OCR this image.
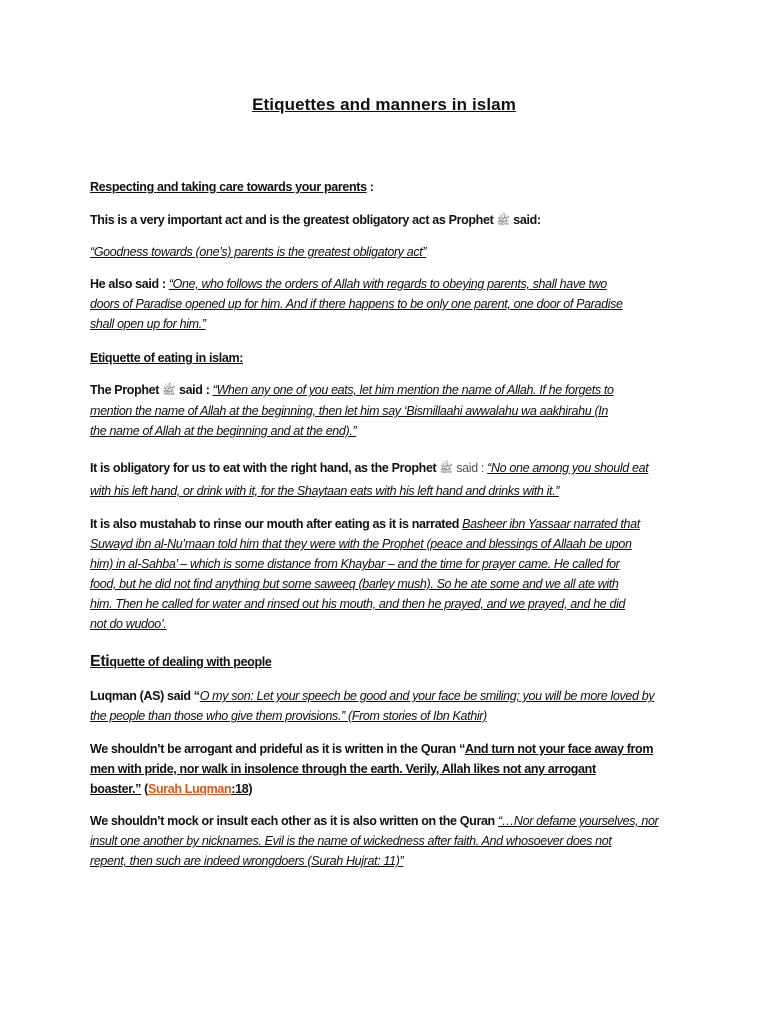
Etiquettes and manners in islam

Respecting and taking care towards your parents :

This is a very important act and is the greatest obligatory act as Prophet ﷺ said:

“Goodness towards (one’s) parents is the greatest obligatory act”

He also said : “One, who follows the orders of Allah with regards to obeying parents, shall have two
doors of Paradise opened up for him. And if there happens to be only one parent, one door of Paradise
shall open up for him.”

Etiquette of eating in islam:

The Prophet ﷺ said : “When any one of you eats, let him mention the name of Allah. If he forgets to
mention the name of Allah at the beginning, then let him say ‘Bismillaahi awwalahu wa aakhirahu (In
the name of Allah at the beginning and at the end).”

It is obligatory for us to eat with the right hand, as the Prophet ﷺ said : “No one among you should eat
with his left hand, or drink with it, for the Shaytaan eats with his left hand and drinks with it.”

It is also mustahab to rinse our mouth after eating as it is narrated Basheer ibn Yassaar narrated that
Suwayd ibn al-Nu’maan told him that they were with the Prophet (peace and blessings of Allaah be upon
him) in al-Sahba’ – which is some distance from Khaybar – and the time for prayer came. He called for
food, but he did not find anything but some saweeq (barley mush). So he ate some and we all ate with
him. Then he called for water and rinsed out his mouth, and then he prayed, and we prayed, and he did
not do wudoo’.

Etiquette of dealing with people

Luqman (AS) said “O my son: Let your speech be good and your face be smiling; you will be more loved by
the people than those who give them provisions.” (From stories of Ibn Kathir)

We shouldn’t be arrogant and prideful as it is written in the Quran “And turn not your face away from
men with pride, nor walk in insolence through the earth. Verily, Allah likes not any arrogant
boaster.” (Surah Luqman:18)

We shouldn’t mock or insult each other as it is also written on the Quran “…Nor defame yourselves, nor
insult one another by nicknames. Evil is the name of wickedness after faith. And whosoever does not
repent, then such are indeed wrongdoers (Surah Hujrat: 11)”
